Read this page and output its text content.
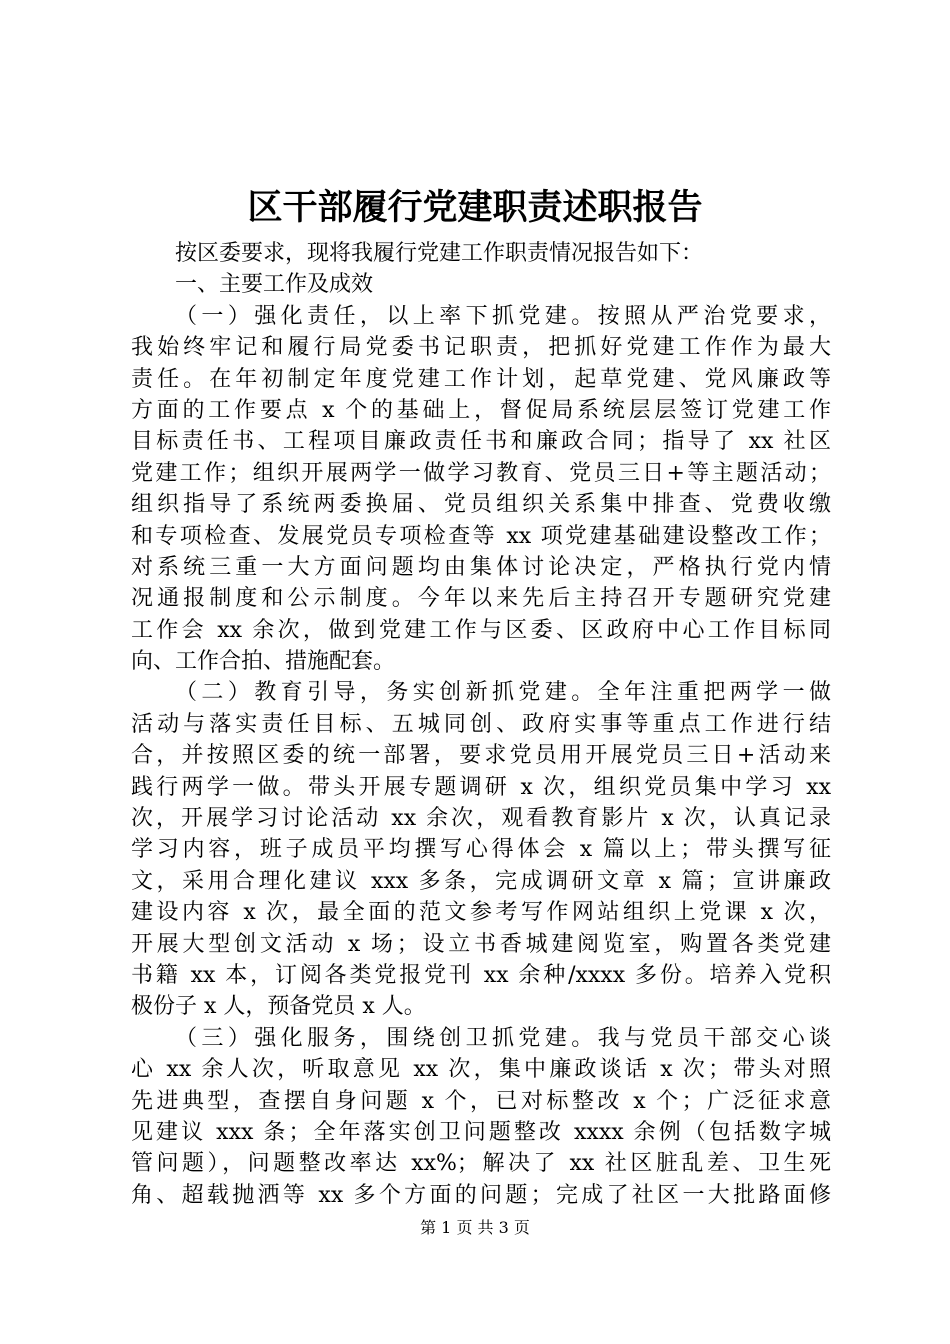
区干部履行党建职责述职报告
按区委要求，现将我履行党建工作职责情况报告如下：
一、主要工作及成效
（一）强化责任，以上率下抓党建。按照从严治党要求，
我始终牢记和履行局党委书记职责，把抓好党建工作作为最大
责任。在年初制定年度党建工作计划，起草党建、党风廉政等
方面的工作要点 x 个的基础上，督促局系统层层签订党建工作
目标责任书、工程项目廉政责任书和廉政合同；指导了 xx 社区
党建工作；组织开展两学一做学习教育、党员三日+等主题活动；
组织指导了系统两委换届、党员组织关系集中排查、党费收缴
和专项检查、发展党员专项检查等 xx 项党建基础建设整改工作；
对系统三重一大方面问题均由集体讨论决定，严格执行党内情
况通报制度和公示制度。今年以来先后主持召开专题研究党建
工作会 xx 余次，做到党建工作与区委、区政府中心工作目标同
向、工作合拍、措施配套。
（二）教育引导，务实创新抓党建。全年注重把两学一做
活动与落实责任目标、五城同创、政府实事等重点工作进行结
合，并按照区委的统一部署，要求党员用开展党员三日+活动来
践行两学一做。带头开展专题调研 x 次，组织党员集中学习 xx
次，开展学习讨论活动 xx 余次，观看教育影片 x 次，认真记录
学习内容，班子成员平均撰写心得体会 x 篇以上；带头撰写征
文，采用合理化建议 xxx 多条，完成调研文章 x 篇；宣讲廉政
建设内容 x 次，最全面的范文参考写作网站组织上党课 x 次，
开展大型创文活动 x 场；设立书香城建阅览室，购置各类党建
书籍 xx 本，订阅各类党报党刊 xx 余种/xxxx 多份。培养入党积
极份子 x 人，预备党员 x 人。
（三）强化服务，围绕创卫抓党建。我与党员干部交心谈
心 xx 余人次，听取意见 xx 次，集中廉政谈话 x 次；带头对照
先进典型，查摆自身问题 x 个，已对标整改 x 个；广泛征求意
见建议 xxx 条；全年落实创卫问题整改 xxxx 余例（包括数字城
管问题），问题整改率达 xx%；解决了 xx 社区脏乱差、卫生死
角、超载抛洒等 xx 多个方面的问题；完成了社区一大批路面修
第 1 页 共 3 页
